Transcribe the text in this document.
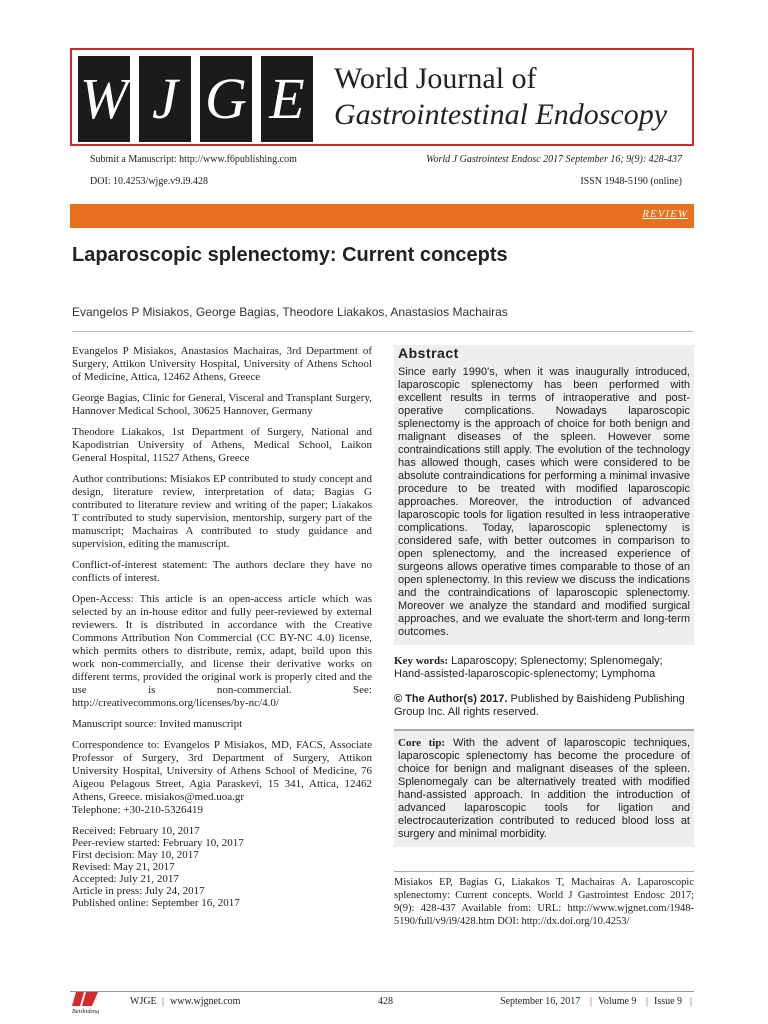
W J G E World Journal of
Gastrointestinal Endoscopy
Submit a Manuscript: http://www.f6publishing.com	World J Gastrointest Endosc 2017 September 16; 9(9): 428-437
DOI: 10.4253/wjge.v9.i9.428	ISSN 1948-5190 (online)
REVIEW
Laparoscopic splenectomy: Current concepts
Evangelos P Misiakos, George Bagias, Theodore Liakakos, Anastasios Machairas

Evangelos P Misiakos, Anastasios Machairas, 3rd Department of Surgery, Attikon University Hospital, University of Athens School of Medicine, Attica, 12462 Athens, Greece

George Bagias, Clinic for General, Visceral and Transplant Surgery, Hannover Medical School, 30625 Hannover, Germany

Theodore Liakakos, 1st Department of Surgery, National and Kapodistrian University of Athens, Medical School, Laikon General Hospital, 11527 Athens, Greece

Author contributions: Misiakos EP contributed to study concept and design, literature review, interpretation of data; Bagias G contributed to literature review and writing of the paper; Liakakos T contributed to study supervision, mentorship, surgery part of the manuscript; Machairas A contributed to study guidance and supervision, editing the manuscript.

Conflict-of-interest statement: The authors declare they have no conflicts of interest.

Open-Access: This article is an open-access article which was selected by an in-house editor and fully peer-reviewed by external reviewers. It is distributed in accordance with the Creative Commons Attribution Non Commercial (CC BY-NC 4.0) license, which permits others to distribute, remix, adapt, build upon this work non-commercially, and license their derivative works on different terms, provided the original work is properly cited and the use is non-commercial. See: http://creativecommons.org/licenses/by-nc/4.0/

Manuscript source: Invited manuscript

Correspondence to: Evangelos P Misiakos, MD, FACS, Associate Professor of Surgery, 3rd Department of Surgery, Attikon University Hospital, University of Athens School of Medicine, 76 Aigeou Pelagous Street, Agia Paraskevi, 15 341, Attica, 12462 Athens, Greece. misiakos@med.uoa.gr

Telephone: +30-210-5326419

Received: February 10, 2017
Peer-review started: February 10, 2017
First decision: May 10, 2017
Revised: May 21, 2017
Accepted: July 21, 2017
Article in press: July 24, 2017
Published online: September 16, 2017
Abstract

Since early 1990's, when it was inaugurally introduced, laparoscopic splenectomy has been performed with excellent results in terms of intraoperative and post-operative complications. Nowadays laparoscopic splenectomy is the approach of choice for both benign and malignant diseases of the spleen. However some contraindications still apply. The evolution of the technology has allowed though, cases which were considered to be absolute contraindications for performing a minimal invasive procedure to be treated with modified laparoscopic approaches. Moreover, the introduction of advanced laparoscopic tools for ligation resulted in less intraoperative complications. Today, laparoscopic splenectomy is considered safe, with better outcomes in comparison to open splenectomy, and the increased experience of surgeons allows operative times comparable to those of an open splenectomy. In this review we discuss the indications and the contraindications of laparoscopic splenectomy. Moreover we analyze the standard and modified surgical approaches, and we evaluate the short-term and long-term outcomes.

Key words: Laparoscopy; Splenectomy; Splenomegaly; Hand-assisted-laparoscopic-splenectomy; Lymphoma
© The Author(s) 2017. Published by Baishideng Publishing Group Inc. All rights reserved.
Core tip: With the advent of laparoscopic techniques, laparoscopic splenectomy has become the procedure of choice for benign and malignant diseases of the spleen. Splenomegaly can be alternatively treated with modified hand-assisted approach. In addition the introduction of advanced laparoscopic tools for ligation and electrocauterization contributed to reduced blood loss at surgery and minimal morbidity.
Misiakos EP, Bagias G, Liakakos T, Machairas A. Laparoscopic splenectomy: Current concepts. World J Gastrointest Endosc 2017; 9(9): 428-437 Available from: URL: http://www.wjgnet.com/1948-5190/full/v9/i9/428.htm DOI: http://dx.doi.org/10.4253/
Baishideng
WJGE | www.wjgnet.com	428	September 16, 2017 | Volume 9 | Issue 9 |
